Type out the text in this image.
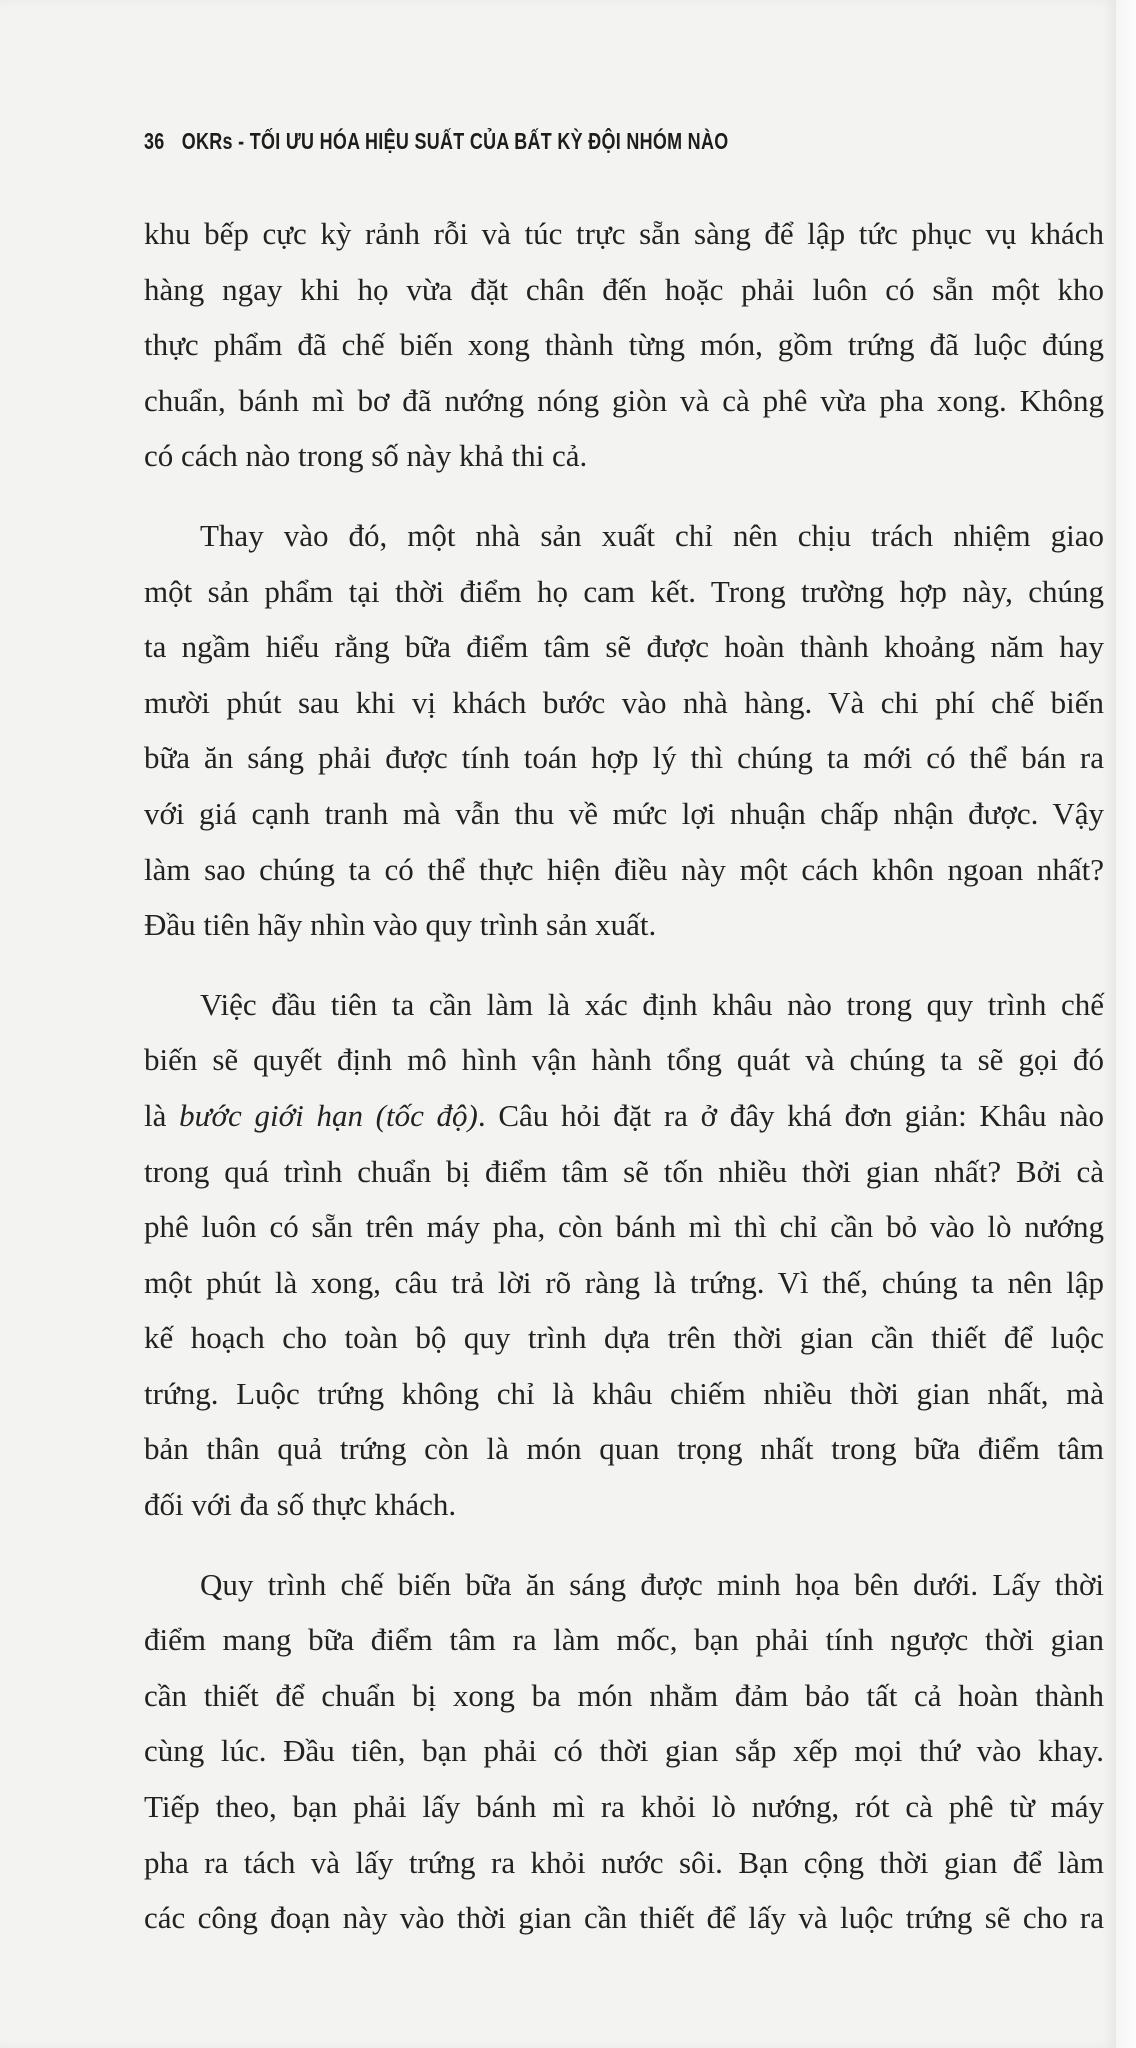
36 OKRs - TỐI ƯU HÓA HIỆU SUẤT CỦA BẤT KỲ ĐỘI NHÓM NÀO
khu bếp cực kỳ rảnh rỗi và túc trực sẵn sàng để lập tức phục vụ khách
hàng ngay khi họ vừa đặt chân đến hoặc phải luôn có sẵn một kho
thực phẩm đã chế biến xong thành từng món, gồm trứng đã luộc đúng
chuẩn, bánh mì bơ đã nướng nóng giòn và cà phê vừa pha xong. Không
có cách nào trong số này khả thi cả.
Thay vào đó, một nhà sản xuất chỉ nên chịu trách nhiệm giao
một sản phẩm tại thời điểm họ cam kết. Trong trường hợp này, chúng
ta ngầm hiểu rằng bữa điểm tâm sẽ được hoàn thành khoảng năm hay
mười phút sau khi vị khách bước vào nhà hàng. Và chi phí chế biến
bữa ăn sáng phải được tính toán hợp lý thì chúng ta mới có thể bán ra
với giá cạnh tranh mà vẫn thu về mức lợi nhuận chấp nhận được. Vậy
làm sao chúng ta có thể thực hiện điều này một cách khôn ngoan nhất?
Đầu tiên hãy nhìn vào quy trình sản xuất.
Việc đầu tiên ta cần làm là xác định khâu nào trong quy trình chế
biến sẽ quyết định mô hình vận hành tổng quát và chúng ta sẽ gọi đó
là bước giới hạn (tốc độ). Câu hỏi đặt ra ở đây khá đơn giản: Khâu nào
trong quá trình chuẩn bị điểm tâm sẽ tốn nhiều thời gian nhất? Bởi cà
phê luôn có sẵn trên máy pha, còn bánh mì thì chỉ cần bỏ vào lò nướng
một phút là xong, câu trả lời rõ ràng là trứng. Vì thế, chúng ta nên lập
kế hoạch cho toàn bộ quy trình dựa trên thời gian cần thiết để luộc
trứng. Luộc trứng không chỉ là khâu chiếm nhiều thời gian nhất, mà
bản thân quả trứng còn là món quan trọng nhất trong bữa điểm tâm
đối với đa số thực khách.
Quy trình chế biến bữa ăn sáng được minh họa bên dưới. Lấy thời
điểm mang bữa điểm tâm ra làm mốc, bạn phải tính ngược thời gian
cần thiết để chuẩn bị xong ba món nhằm đảm bảo tất cả hoàn thành
cùng lúc. Đầu tiên, bạn phải có thời gian sắp xếp mọi thứ vào khay.
Tiếp theo, bạn phải lấy bánh mì ra khỏi lò nướng, rót cà phê từ máy
pha ra tách và lấy trứng ra khỏi nước sôi. Bạn cộng thời gian để làm
các công đoạn này vào thời gian cần thiết để lấy và luộc trứng sẽ cho ra
